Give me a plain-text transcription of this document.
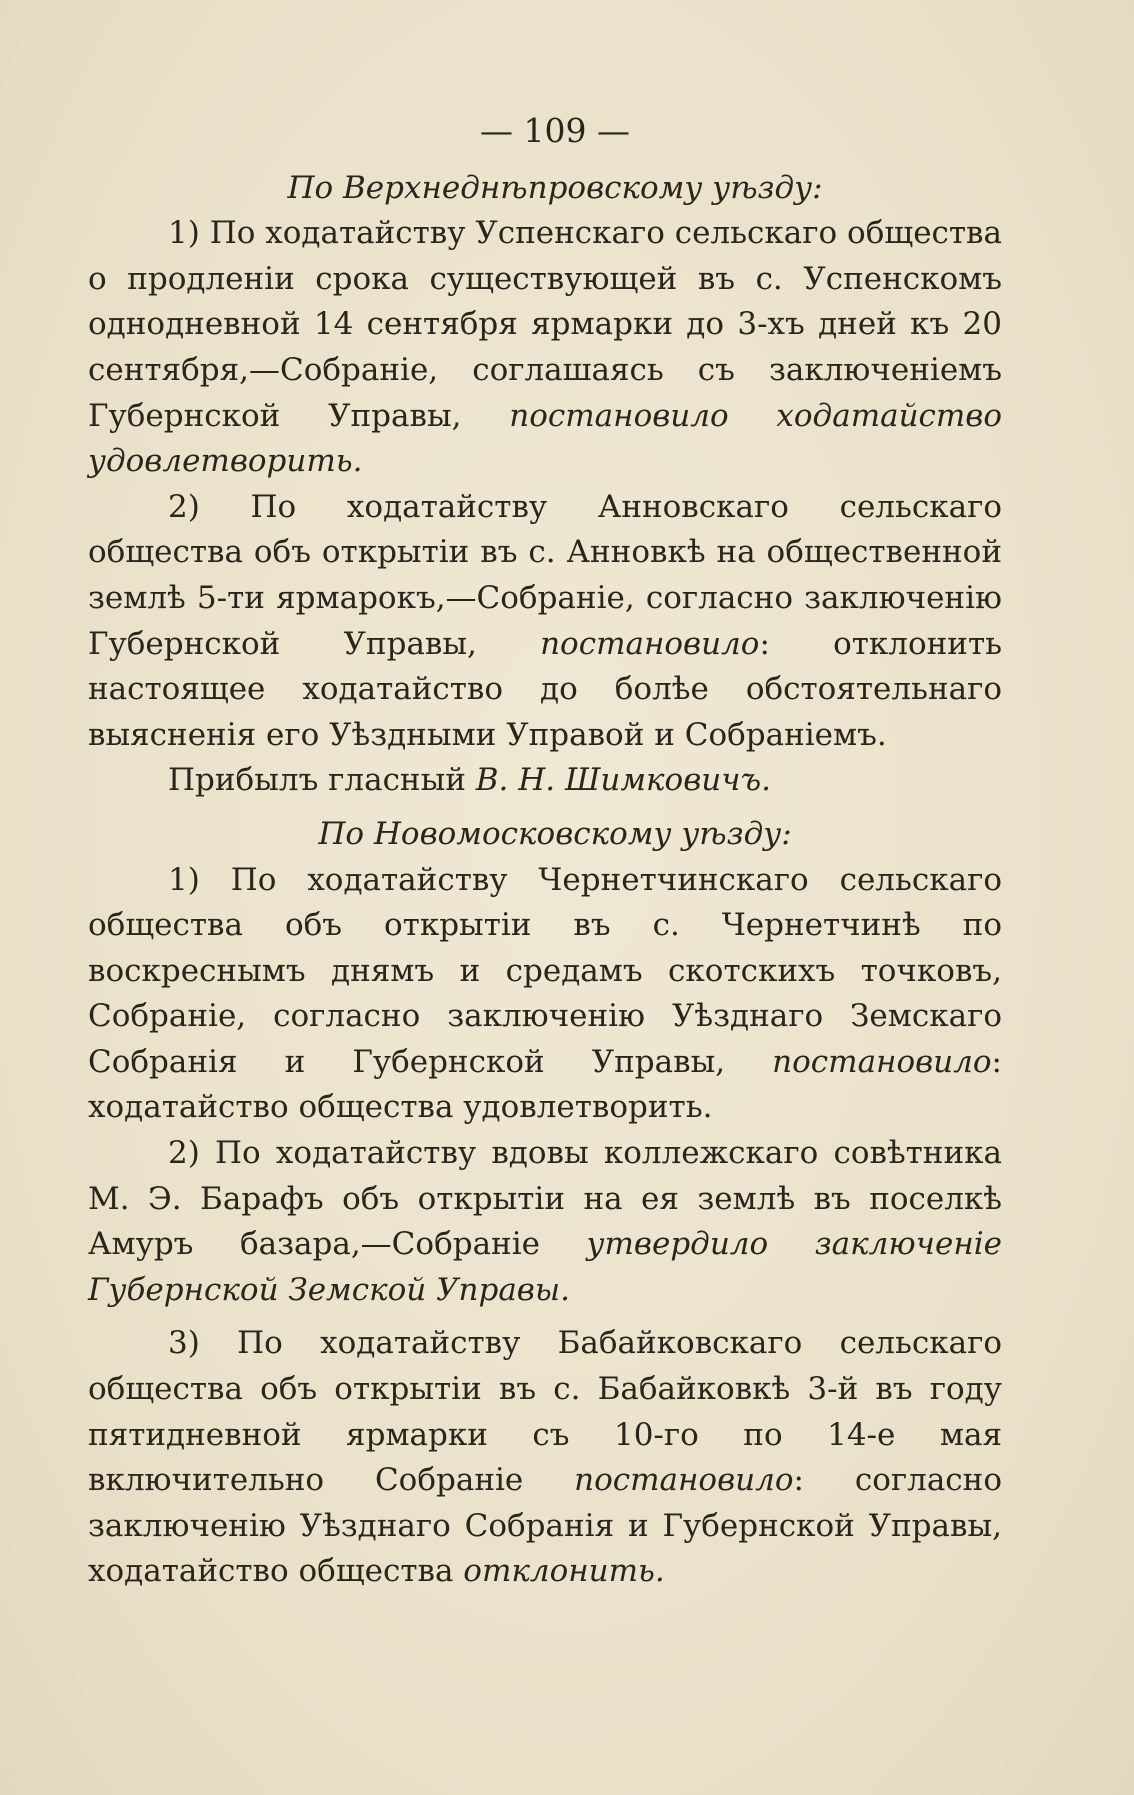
— 109 —

По Верхнеднѣпровскому уѣзду:

1) По ходатайству Успенскаго сельскаго общества о продленіи срока существующей въ с. Успенскомъ однодневной 14 сентября ярмарки до 3-хъ дней къ 20 сентября,—Собраніе, соглашаясь съ заключеніемъ Губернской Управы, постановило ходатайство удовлетворить.

2) По ходатайству Анновскаго сельскаго общества объ открытіи въ с. Анновкѣ на общественной землѣ 5-ти ярмарокъ,—Собраніе, согласно заключенію Губернской Управы, постановило: отклонить настоящее ходатайство до болѣе обстоятельнаго выясненія его Уѣздными Управой и Собраніемъ.

Прибылъ гласный В. Н. Шимковичъ.

По Новомосковскому уѣзду:

1) По ходатайству Чернетчинскаго сельскаго общества объ открытіи въ с. Чернетчинѣ по воскреснымъ днямъ и средамъ скотскихъ точковъ, Собраніе, согласно заключенію Уѣзднаго Земскаго Собранія и Губернской Управы, постановило: ходатайство общества удовлетворить.

2) По ходатайству вдовы коллежскаго совѣтника М. Э. Барафъ объ открытіи на ея землѣ въ поселкѣ Амуръ базара,—Собраніе утвердило заключеніе Губернской Земской Управы.

3) По ходатайству Бабайковскаго сельскаго общества объ открытіи въ с. Бабайковкѣ 3-й въ году пятидневной ярмарки съ 10-го по 14-е мая включительно Собраніе постановило: согласно заключенію Уѣзднаго Собранія и Губернской Управы, ходатайство общества отклонить.
